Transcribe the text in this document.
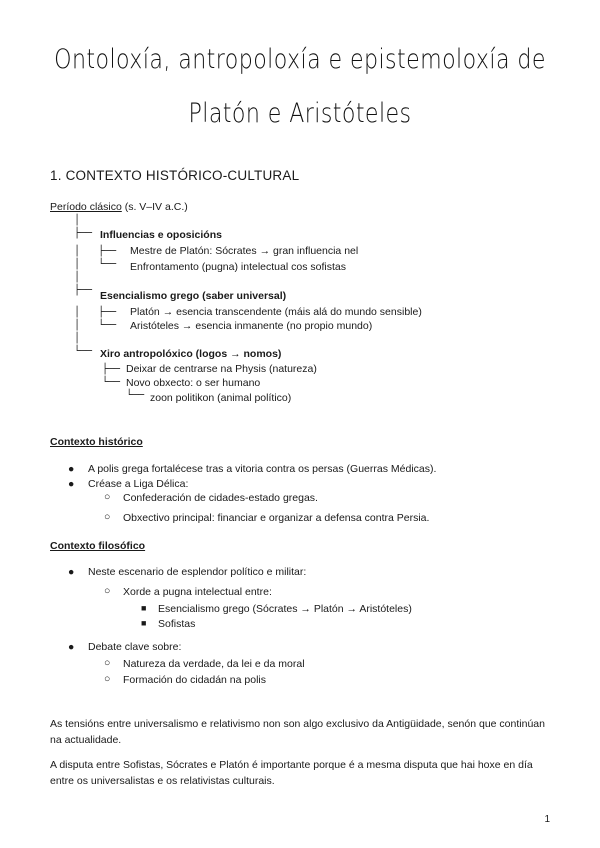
Ontoloxía, antropoloxía e epistemoloxía de
Platón e Aristóteles
1. CONTEXTO HISTÓRICO-CULTURAL
Período clásico (s. V–IV a.C.)
│
├── Influencias e oposicións
│   ├──
│   └──
│
├──
Mestre de Platón: Sócrates → gran influencia nel
Enfrontamento (pugna) intelectual cos sofistas
Esencialismo grego (saber universal)
│   ├──
│   └──
│
└──
Platón → esencia transcendente (máis alá do mundo sensible)
Aristóteles → esencia inmanente (no propio mundo)
Xiro antropolóxico (logos → nomos)
├──
└──
└──
Deixar de centrarse na Physis (natureza)
Novo obxecto: o ser humano
zoon politikon (animal político)
Contexto histórico
● A polis grega fortalécese tras a vitoria contra os persas (Guerras Médicas).
● Créase a Liga Délica:
○ Confederación de cidades-estado gregas.
○ Obxectivo principal: financiar e organizar a defensa contra Persia.
Contexto filosófico
● Neste escenario de esplendor político e militar:
○ Xorde a pugna intelectual entre:
■ Esencialismo grego (Sócrates → Platón → Aristóteles)
■ Sofistas
● Debate clave sobre:
○ Natureza da verdade, da lei e da moral
○ Formación do cidadán na polis
As tensións entre universalismo e relativismo non son algo exclusivo da Antigüidade, senón que continúan na actualidade.
A disputa entre Sofistas, Sócrates e Platón é importante porque é a mesma disputa que hai hoxe en día entre os universalistas e os relativistas culturais.
1
